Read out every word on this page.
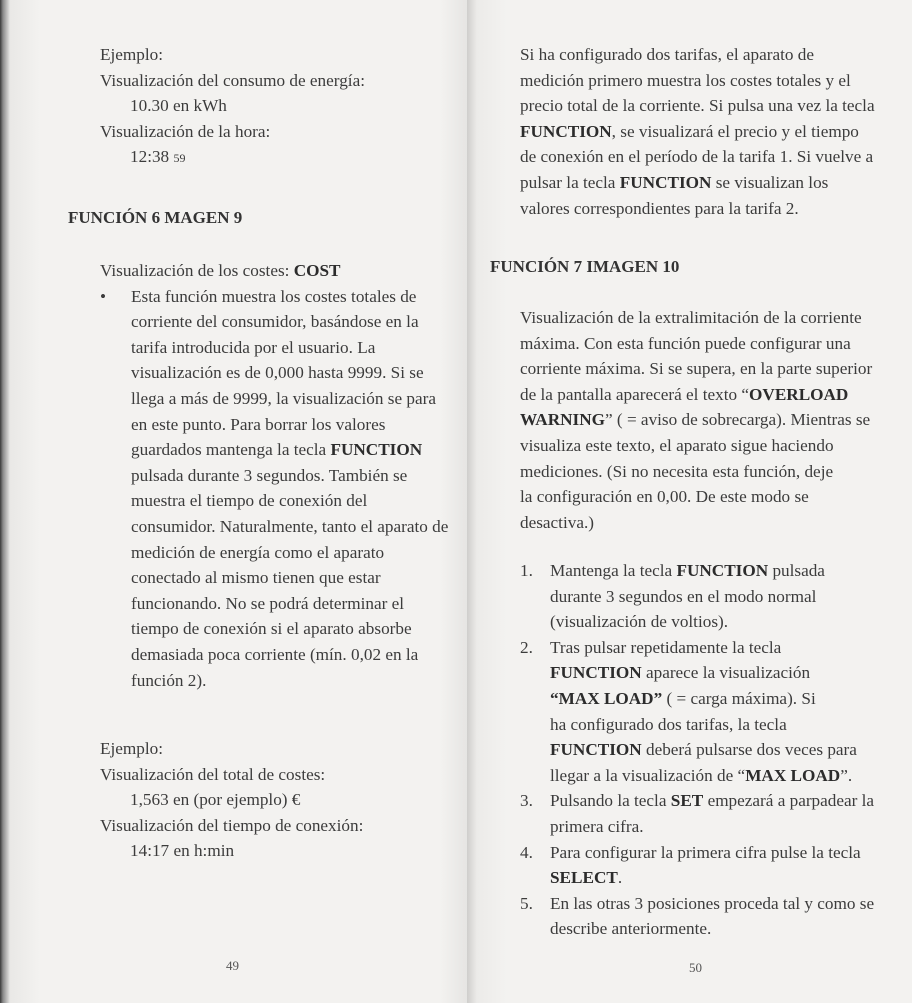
Ejemplo:
Visualización del consumo de energía:
10.30 en kWh
Visualización de la hora:
12:38 59
FUNCIÓN 6 MAGEN 9
Visualización de los costes: COST
• Esta función muestra los costes totales de
corriente del consumidor, basándose en la
tarifa introducida por el usuario. La
visualización es de 0,000 hasta 9999. Si se
llega a más de 9999, la visualización se para
en este punto. Para borrar los valores
guardados mantenga la tecla FUNCTION
pulsada durante 3 segundos. También se
muestra el tiempo de conexión del
consumidor. Naturalmente, tanto el aparato de
medición de energía como el aparato
conectado al mismo tienen que estar
funcionando. No se podrá determinar el
tiempo de conexión si el aparato absorbe
demasiada poca corriente (mín. 0,02 en la
función 2).
Ejemplo:
Visualización del total de costes:
1,563 en (por ejemplo) €
Visualización del tiempo de conexión:
14:17 en h:min
49
Si ha configurado dos tarifas, el aparato de
medición primero muestra los costes totales y el
precio total de la corriente. Si pulsa una vez la tecla
FUNCTION, se visualizará el precio y el tiempo
de conexión en el período de la tarifa 1. Si vuelve a
pulsar la tecla FUNCTION se visualizan los
valores correspondientes para la tarifa 2.
FUNCIÓN 7 IMAGEN 10
Visualización de la extralimitación de la corriente
máxima. Con esta función puede configurar una
corriente máxima. Si se supera, en la parte superior
de la pantalla aparecerá el texto “OVERLOAD
WARNING” ( = aviso de sobrecarga). Mientras se
visualiza este texto, el aparato sigue haciendo
mediciones. (Si no necesita esta función, deje
la configuración en 0,00. De este modo se
desactiva.)
1. Mantenga la tecla FUNCTION pulsada
durante 3 segundos en el modo normal
(visualización de voltios).
2. Tras pulsar repetidamente la tecla
FUNCTION aparece la visualización
“MAX LOAD” ( = carga máxima). Si
ha configurado dos tarifas, la tecla
FUNCTION deberá pulsarse dos veces para
llegar a la visualización de “MAX LOAD”.
3. Pulsando la tecla SET empezará a parpadear la
primera cifra.
4. Para configurar la primera cifra pulse la tecla
SELECT.
5. En las otras 3 posiciones proceda tal y como se
describe anteriormente.
50
